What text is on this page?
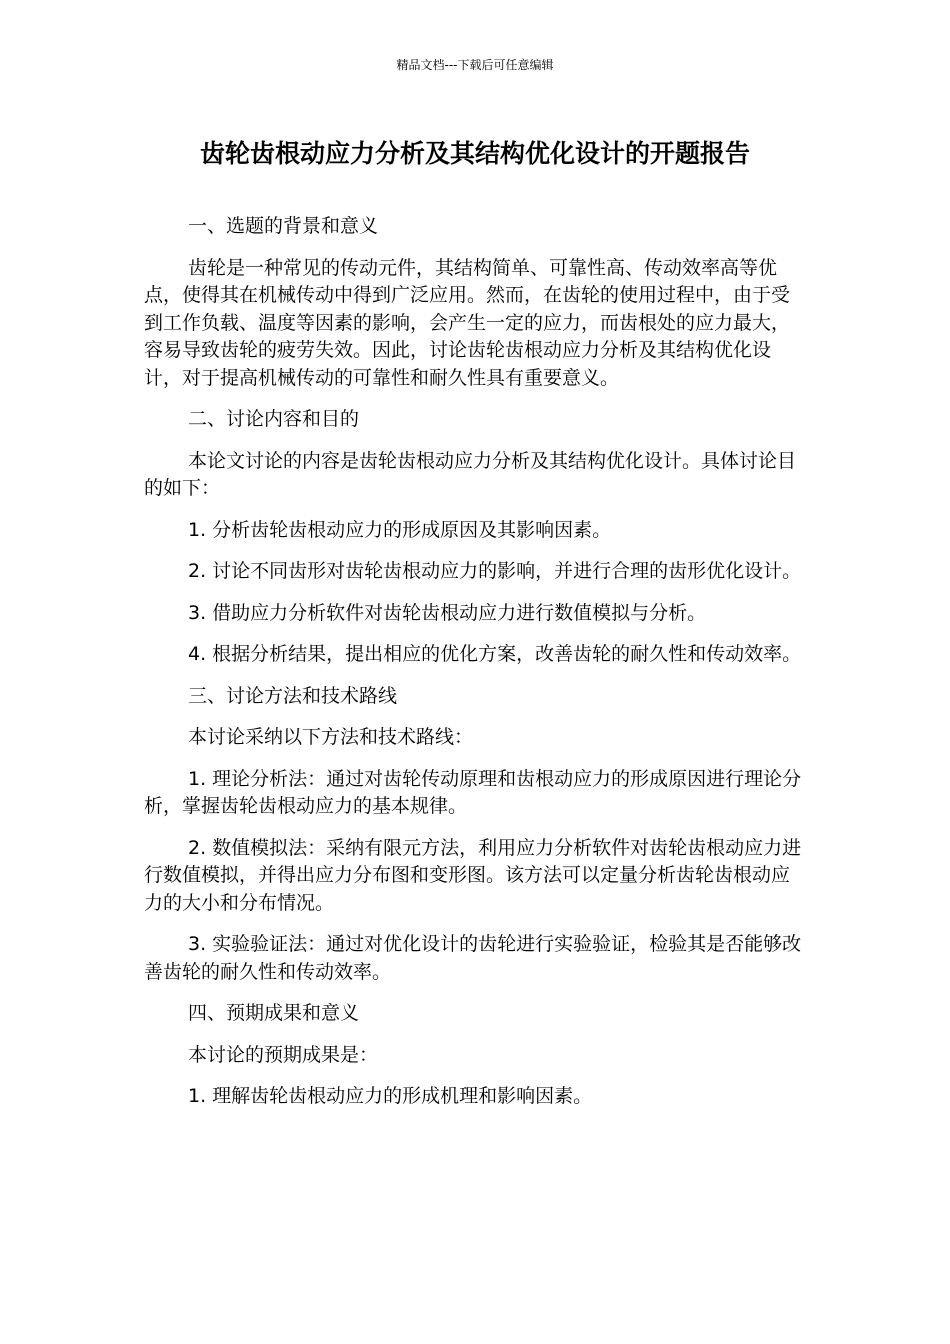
精品文档---下载后可任意编辑
齿轮齿根动应力分析及其结构优化设计的开题报告

一、选题的背景和意义

齿轮是一种常见的传动元件，其结构简单、可靠性高、传动效率高等优点，使得其在机械传动中得到广泛应用。然而，在齿轮的使用过程中，由于受到工作负载、温度等因素的影响，会产生一定的应力，而齿根处的应力最大，容易导致齿轮的疲劳失效。因此，讨论齿轮齿根动应力分析及其结构优化设计，对于提高机械传动的可靠性和耐久性具有重要意义。

二、讨论内容和目的

本论文讨论的内容是齿轮齿根动应力分析及其结构优化设计。具体讨论目的如下：

1. 分析齿轮齿根动应力的形成原因及其影响因素。

2. 讨论不同齿形对齿轮齿根动应力的影响，并进行合理的齿形优化设计。

3. 借助应力分析软件对齿轮齿根动应力进行数值模拟与分析。

4. 根据分析结果，提出相应的优化方案，改善齿轮的耐久性和传动效率。

三、讨论方法和技术路线

本讨论采纳以下方法和技术路线：

1. 理论分析法：通过对齿轮传动原理和齿根动应力的形成原因进行理论分析，掌握齿轮齿根动应力的基本规律。

2. 数值模拟法：采纳有限元方法，利用应力分析软件对齿轮齿根动应力进行数值模拟，并得出应力分布图和变形图。该方法可以定量分析齿轮齿根动应力的大小和分布情况。

3. 实验验证法：通过对优化设计的齿轮进行实验验证，检验其是否能够改善齿轮的耐久性和传动效率。

四、预期成果和意义

本讨论的预期成果是：

1. 理解齿轮齿根动应力的形成机理和影响因素。
